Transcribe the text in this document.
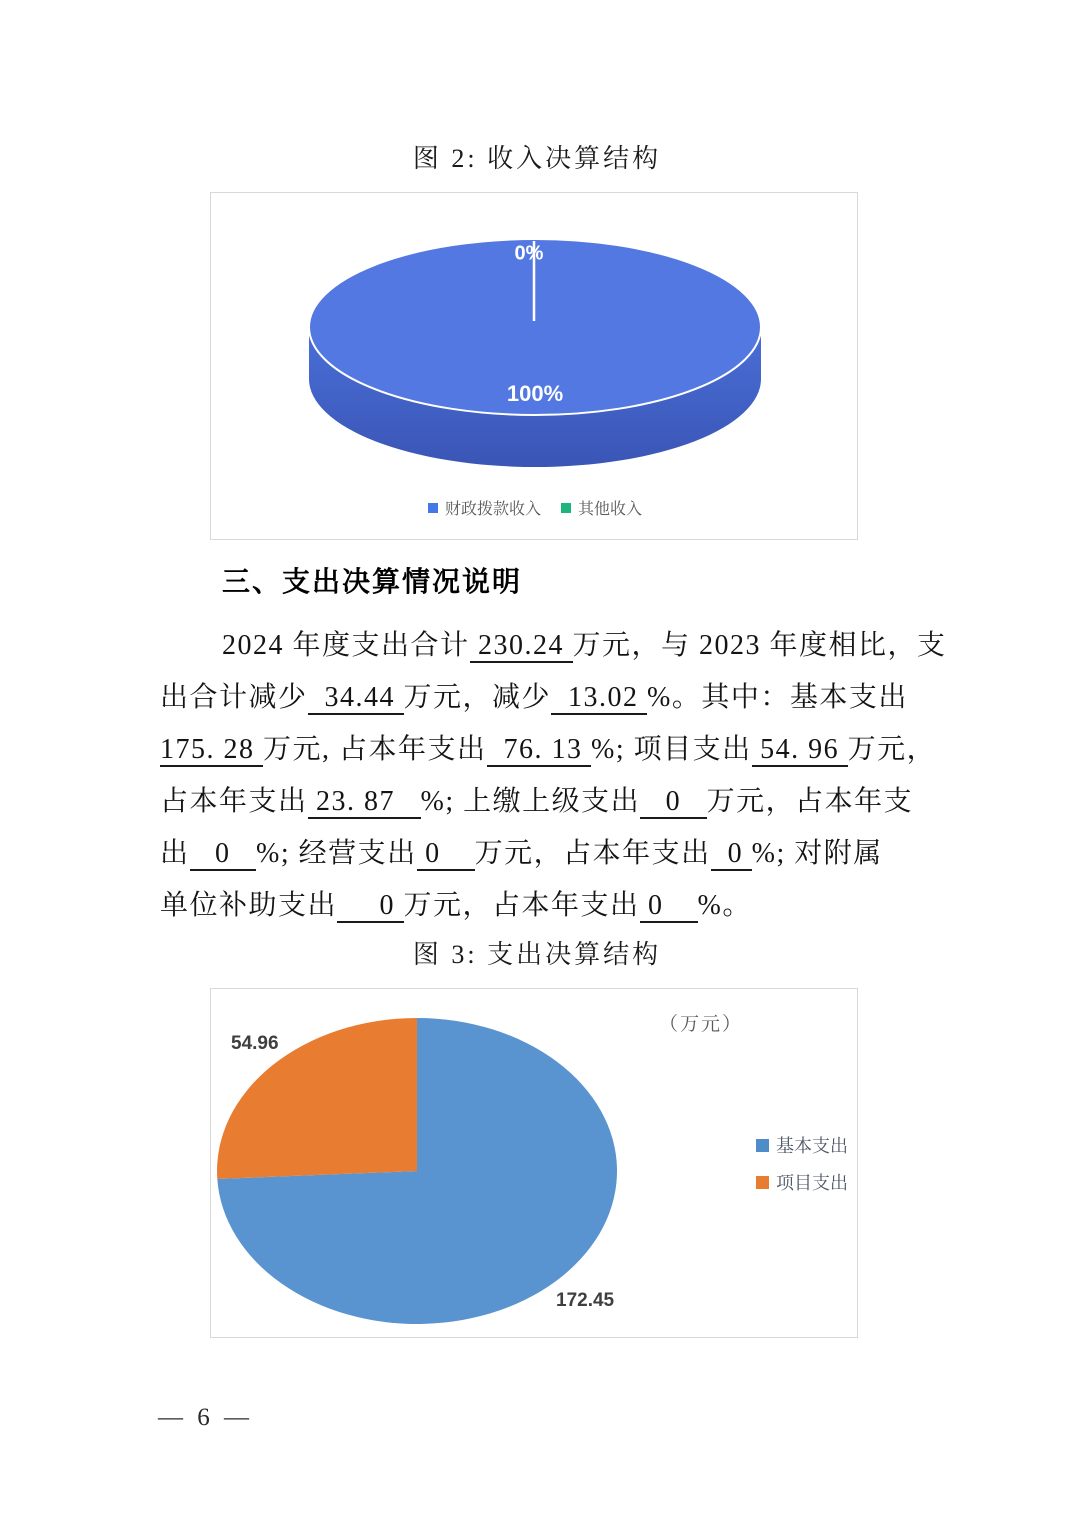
图 2: 收入决算结构
0%
100%
财政拨款收入 其他收入
三、支出决算情况说明
2024 年度支出合计 230.24 万元，与 2023 年度相比，支
出合计减少  34.44 万元，减少  13.02 %。其中：基本支出
175. 28 万元, 占本年支出  76. 13 %; 项目支出 54. 96 万元，
占本年支出 23. 87   %; 上缴上级支出   0   万元，占本年支
出   0   %; 经营支出 0    万元，占本年支出  0 %; 对附属
单位补助支出     0 万元，占本年支出 0    %。
图 3: 支出决算结构
（万元）
54.96
172.45
基本支出
项目支出
— 6 —
